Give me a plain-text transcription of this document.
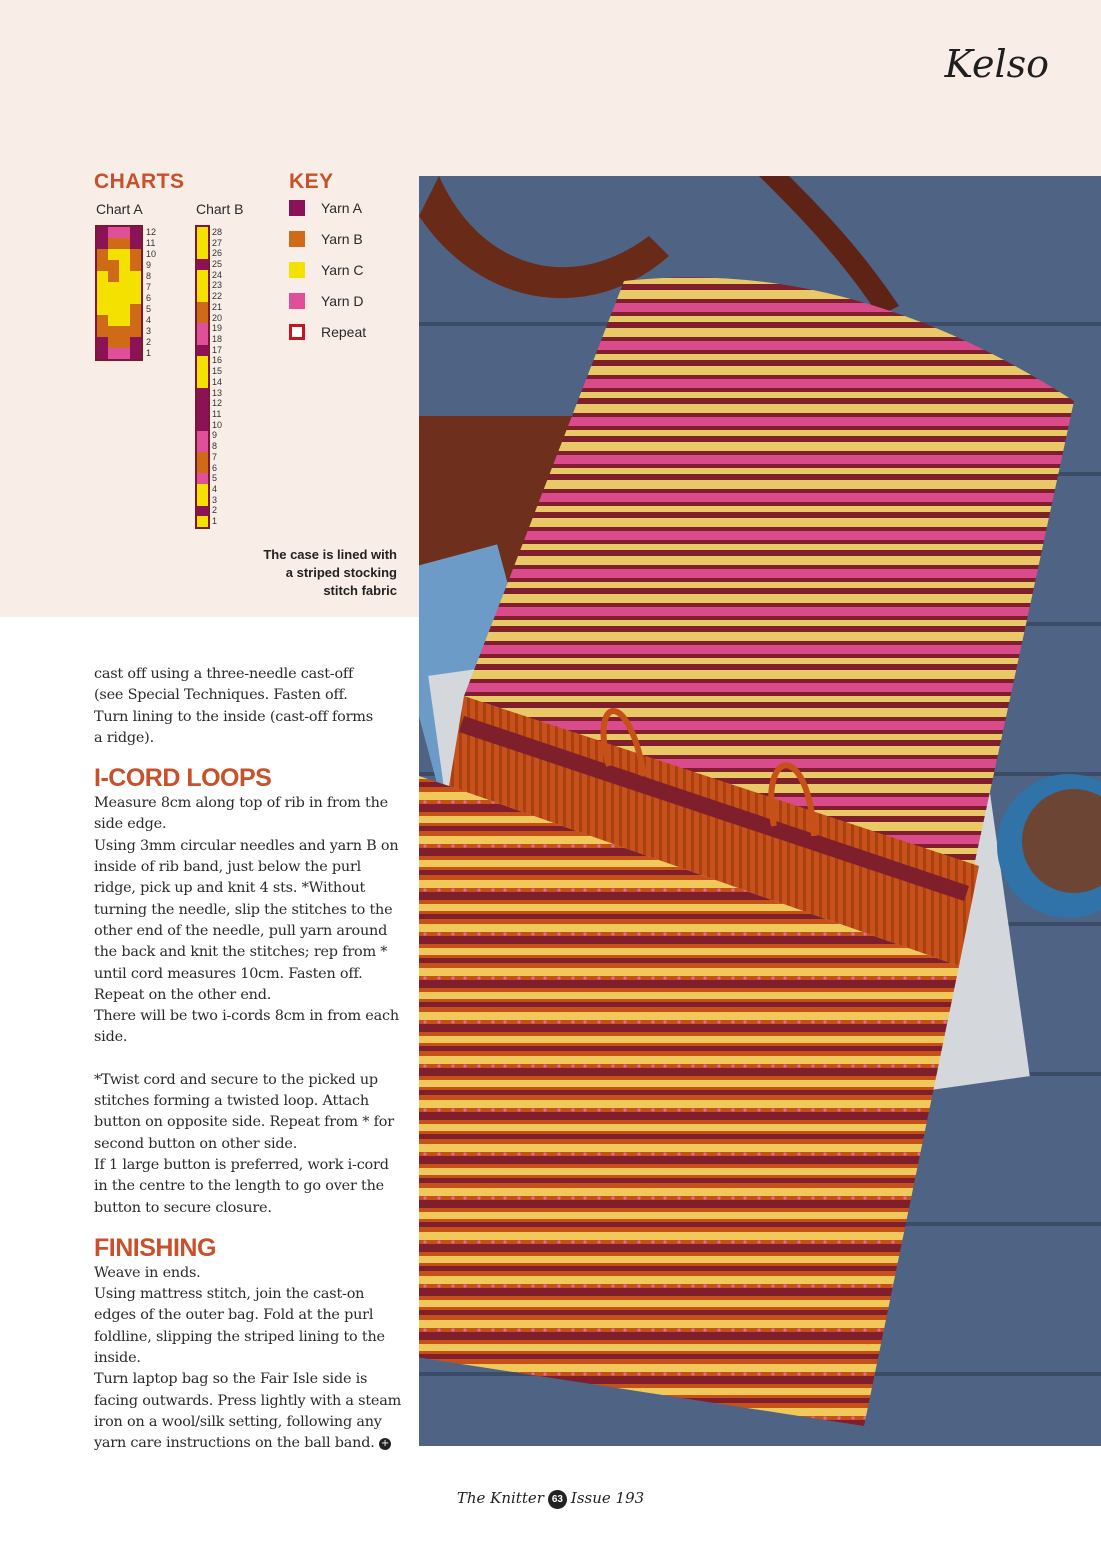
Kelso
CHARTS
Chart A	Chart B
12
11
10
9
8
7
6
5
4
3
2
1
28
27
26
25
24
23
22
21
20
19
18
17
16
15
14
13
12
11
10
9
8
7
6
5
4
3
2
1
KEY
Yarn A
Yarn B
Yarn C
Yarn D
Repeat
The case is lined with
a striped stocking
stitch fabric

cast off using a three-needle cast-off

(see Special Techniques. Fasten off.

Turn lining to the inside (cast-off forms

a ridge).

I-CORD LOOPS

Measure 8cm along top of rib in from the side edge.

Using 3mm circular needles and yarn B on inside of rib band, just below the purl ridge, pick up and knit 4 sts. *Without turning the needle, slip the stitches to the other end of the needle, pull yarn around the back and knit the stitches; rep from * until cord measures 10cm. Fasten off.

Repeat on the other end.

There will be two i-cords 8cm in from each side.

*Twist cord and secure to the picked up stitches forming a twisted loop. Attach button on opposite side. Repeat from * for second button on other side.

If 1 large button is preferred, work i-cord in the centre to the length to go over the button to secure closure.

FINISHING

Weave in ends.

Using mattress stitch, join the cast-on edges of the outer bag. Fold at the purl foldline, slipping the striped lining to the inside.

Turn laptop bag so the Fair Isle side is facing outwards. Press lightly with a steam iron on a wool/silk setting, following any yarn care instructions on the ball band. +

The Knitter 63 Issue 193
